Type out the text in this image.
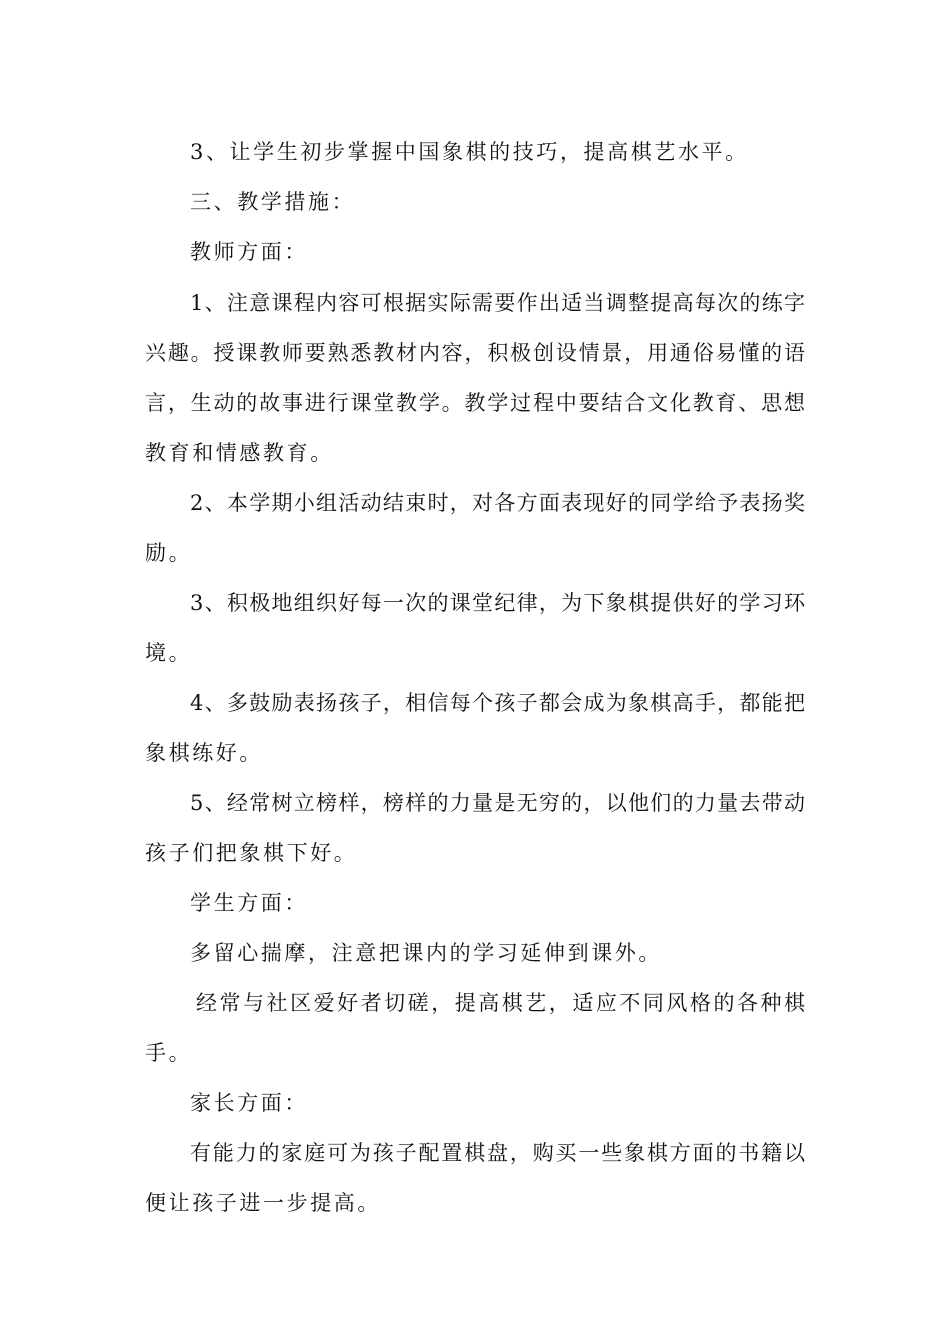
3、让学生初步掌握中国象棋的技巧，提高棋艺水平。
三、教学措施：
教师方面：
1、注意课程内容可根据实际需要作出适当调整提高每次的练字
兴趣。授课教师要熟悉教材内容，积极创设情景，用通俗易懂的语
言，生动的故事进行课堂教学。教学过程中要结合文化教育、思想
教育和情感教育。
2、本学期小组活动结束时，对各方面表现好的同学给予表扬奖
励。
3、积极地组织好每一次的课堂纪律，为下象棋提供好的学习环
境。
4、多鼓励表扬孩子，相信每个孩子都会成为象棋高手，都能把
象棋练好。
5、经常树立榜样，榜样的力量是无穷的，以他们的力量去带动
孩子们把象棋下好。
学生方面：
多留心揣摩，注意把课内的学习延伸到课外。
经常与社区爱好者切磋，提高棋艺，适应不同风格的各种棋
手。
家长方面：
有能力的家庭可为孩子配置棋盘，购买一些象棋方面的书籍以
便让孩子进一步提高。
